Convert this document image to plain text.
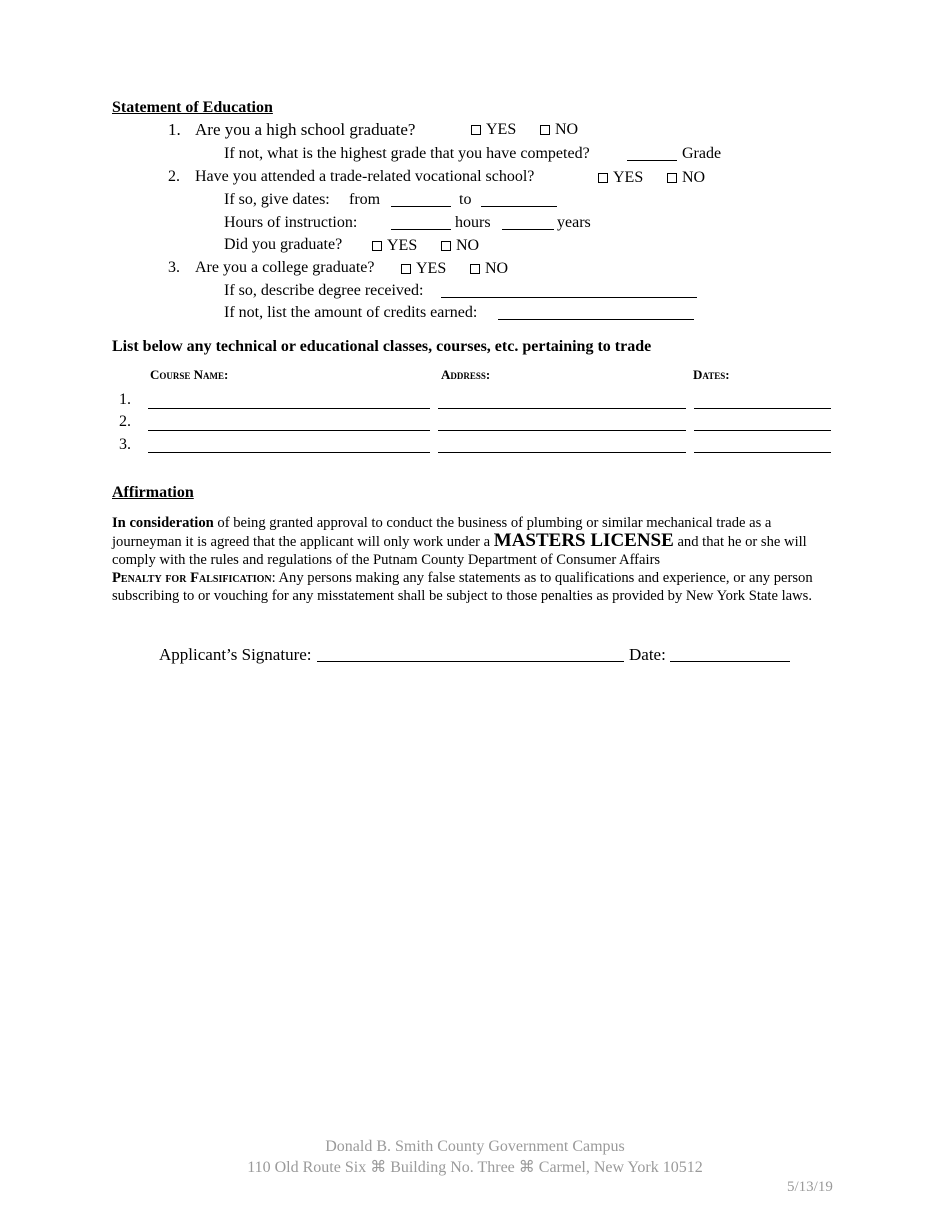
Statement of Education
1. Are you a high school graduate?	YES	NO
If not, what is the highest grade that you have competed?	Grade
2. Have you attended a trade-related vocational school?	YES	NO
If so, give dates: from	to
Hours of instruction:	hours	years
Did you graduate?	YES	NO
3. Are you a college graduate?	YES	NO
If so, describe degree received:
If not, list the amount of credits earned:
List below any technical or educational classes, courses, etc. pertaining to trade
Course Name:	Address:	Dates:
1.
2.
3.
Affirmation
In consideration of being granted approval to conduct the business of plumbing or similar mechanical trade as a journeyman it is agreed that the applicant will only work under a MASTERS LICENSE and that he or she will comply with the rules and regulations of the Putnam County Department of Consumer Affairs
Penalty for Falsification: Any persons making any false statements as to qualifications and experience, or any person subscribing to or vouching for any misstatement shall be subject to those penalties as provided by New York State laws.
Applicant’s Signature:	Date:
Donald B. Smith County Government Campus
110 Old Route Six ⌘ Building No. Three ⌘ Carmel, New York 10512
5/13/19
